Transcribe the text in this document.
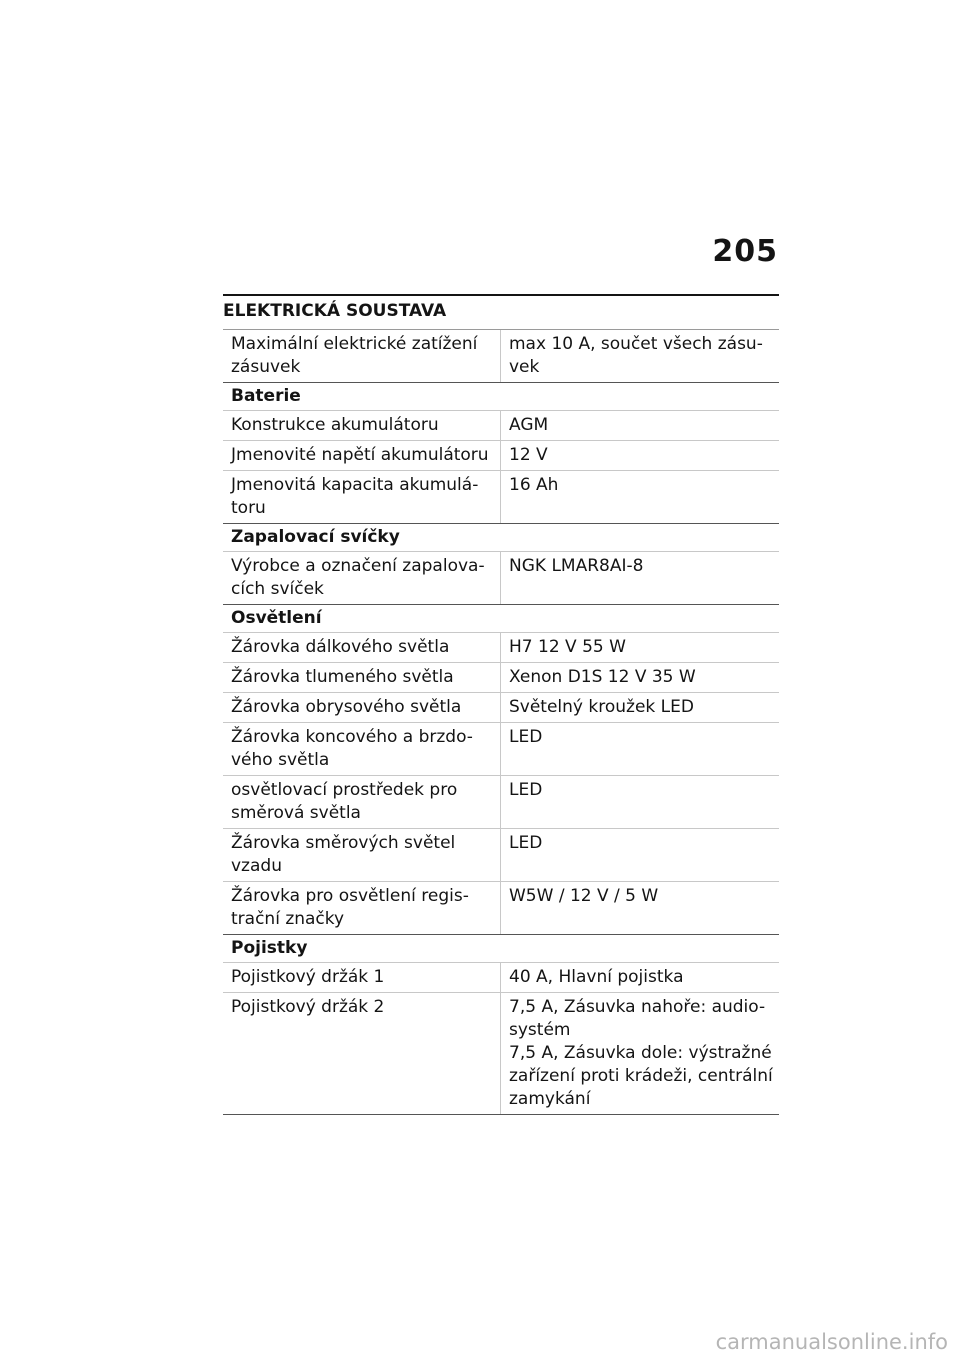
205
ELEKTRICKÁ SOUSTAVA
Maximální elektrické zatížení zásuvek	max 10 A, součet všech zásu-vek

Baterie	
Konstrukce akumulátoru	AGM

Jmenovité napětí akumulátoru	12 V

Jmenovitá kapacita akumulá-toru	16 Ah

Zapalovací svíčky	
Výrobce a označení zapalova-cích svíček	NGK LMAR8AI-8

Osvětlení	
Žárovka dálkového světla	H7 12 V 55 W

Žárovka tlumeného světla	Xenon D1S 12 V 35 W

Žárovka obrysového světla	Světelný kroužek LED

Žárovka koncového a brzdo-vého světla	LED

osvětlovací prostředek pro směrová světla	LED

Žárovka směrových světel vzadu	LED

Žárovka pro osvětlení regis-trační značky	W5W / 12 V / 5 W

Pojistky	
Pojistkový držák 1	40 A, Hlavní pojistka

Pojistkový držák 2	7,5 A, Zásuvka nahoře: audio-systém
7,5 A, Zásuvka dole: výstražné zařízení proti krádeži, centrální zamykání
carmanualsonline.info
